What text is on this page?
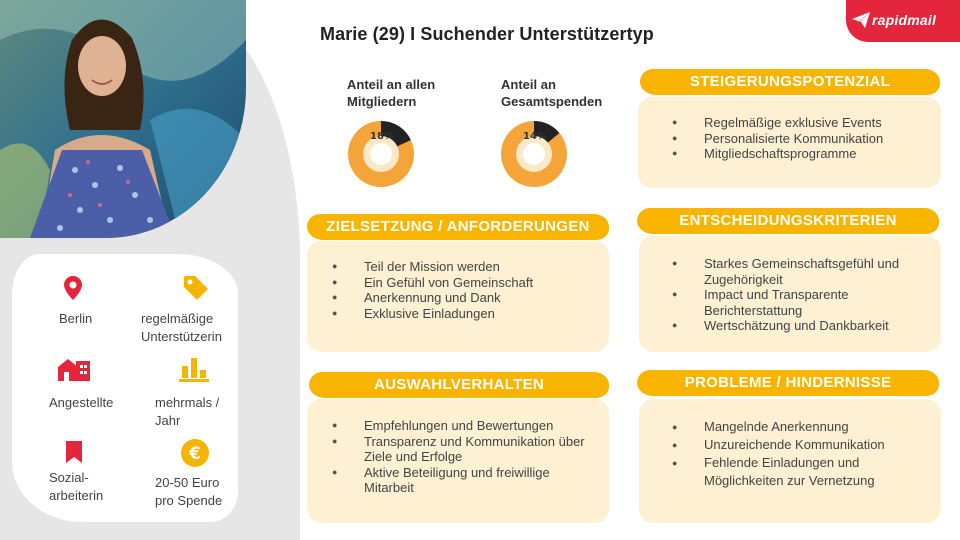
Berlin	regelmäßige Unterstützerin
Angestellte	mehrmals / Jahr
Sozial-arbeiterin
€
20-50 Euro pro Spende
Marie (29) I Suchender Unterstützertyp
rapidmail
Anteil an allen Mitgliedern
18%
Anteil an Gesamtspenden
14%
STEIGERUNGSPOTENZIAL
● Regelmäßige exklusive Events
● Personalisierte Kommunikation
● Mitgliedschaftsprogramme
ZIELSETZUNG / ANFORDERUNGEN
● Teil der Mission werden
● Ein Gefühl von Gemeinschaft
● Anerkennung und Dank
● Exklusive Einladungen
ENTSCHEIDUNGSKRITERIEN
● Starkes Gemeinschaftsgefühl und Zugehörigkeit
● Impact und Transparente Berichterstattung
● Wertschätzung und Dankbarkeit
AUSWAHLVERHALTEN
● Empfehlungen und Bewertungen
● Transparenz und Kommunikation über Ziele und Erfolge
● Aktive Beteiligung und freiwillige Mitarbeit
PROBLEME / HINDERNISSE
● Mangelnde Anerkennung
● Unzureichende Kommunikation
● Fehlende Einladungen und Möglichkeiten zur Vernetzung
